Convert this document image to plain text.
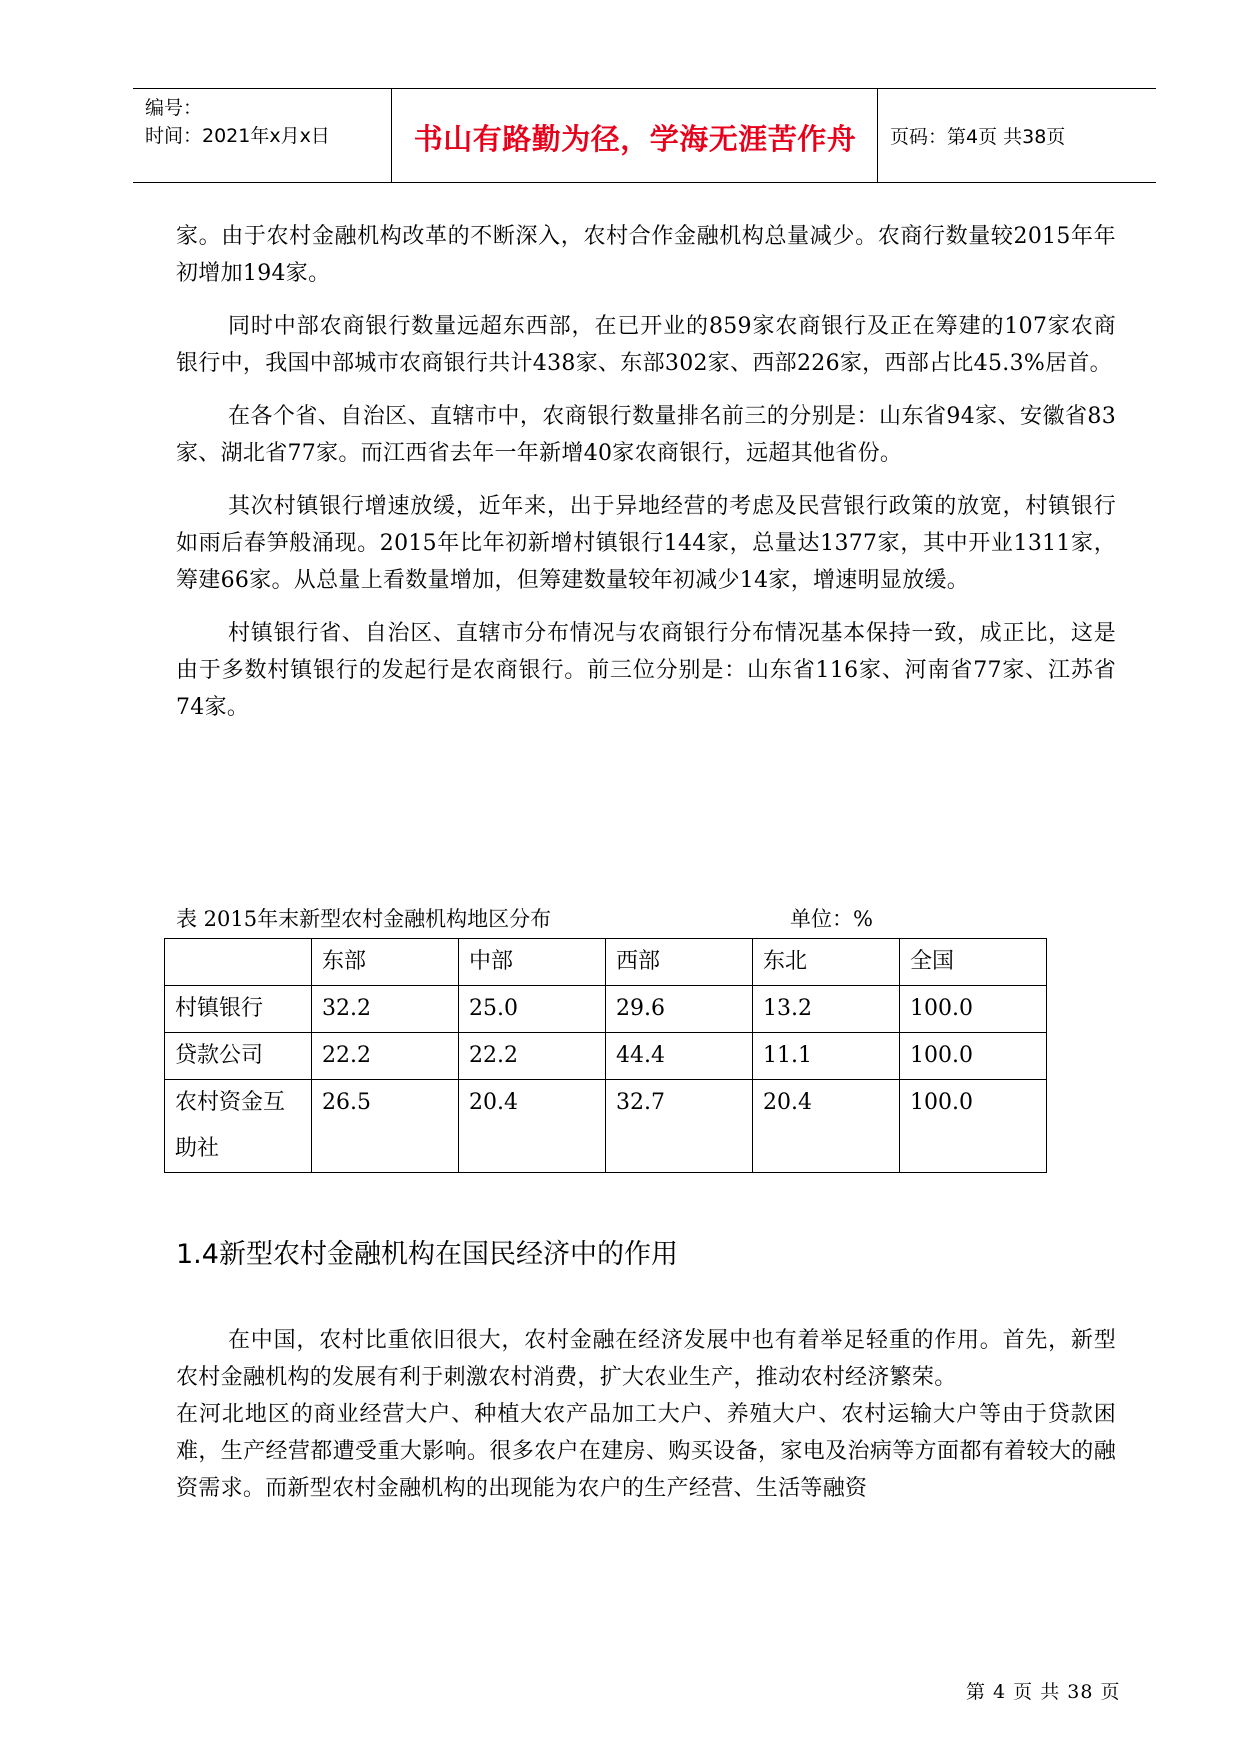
编号：
时间：2021年x月x日	书山有路勤为径，学海无涯苦作舟	页码：第4页 共38页

家。由于农村金融机构改革的不断深入，农村合作金融机构总量减少。农商行数量较2015年年初增加194家。

同时中部农商银行数量远超东西部，在已开业的859家农商银行及正在筹建的107家农商银行中，我国中部城市农商银行共计438家、东部302家、西部226家，西部占比45.3%居首。

在各个省、自治区、直辖市中，农商银行数量排名前三的分别是：山东省94家、安徽省83家、湖北省77家。而江西省去年一年新增40家农商银行，远超其他省份。

其次村镇银行增速放缓，近年来，出于异地经营的考虑及民营银行政策的放宽，村镇银行如雨后春笋般涌现。2015年比年初新增村镇银行144家，总量达1377家，其中开业1311家，筹建66家。从总量上看数量增加，但筹建数量较年初减少14家，增速明显放缓。

村镇银行省、自治区、直辖市分布情况与农商银行分布情况基本保持一致，成正比，这是由于多数村镇银行的发起行是农商银行。前三位分别是：山东省116家、河南省77家、江苏省74家。

表 2015年末新型农村金融机构地区分布	单位：%
	东部	中部	西部	东北	全国
村镇银行	32.2	25.0	29.6	13.2	100.0
贷款公司	22.2	22.2	44.4	11.1	100.0

农村资金互助社	26.5	20.4	32.7	20.4	100.0
1.4新型农村金融机构在国民经济中的作用

在中国，农村比重依旧很大，农村金融在经济发展中也有着举足轻重的作用。首先，新型农村金融机构的发展有利于刺激农村消费，扩大农业生产，推动农村经济繁荣。

在河北地区的商业经营大户、种植大农产品加工大户、养殖大户、农村运输大户等由于贷款困难，生产经营都遭受重大影响。很多农户在建房、购买设备，家电及治病等方面都有着较大的融资需求。而新型农村金融机构的出现能为农户的生产经营、生活等融资

第 4 页 共 38 页
